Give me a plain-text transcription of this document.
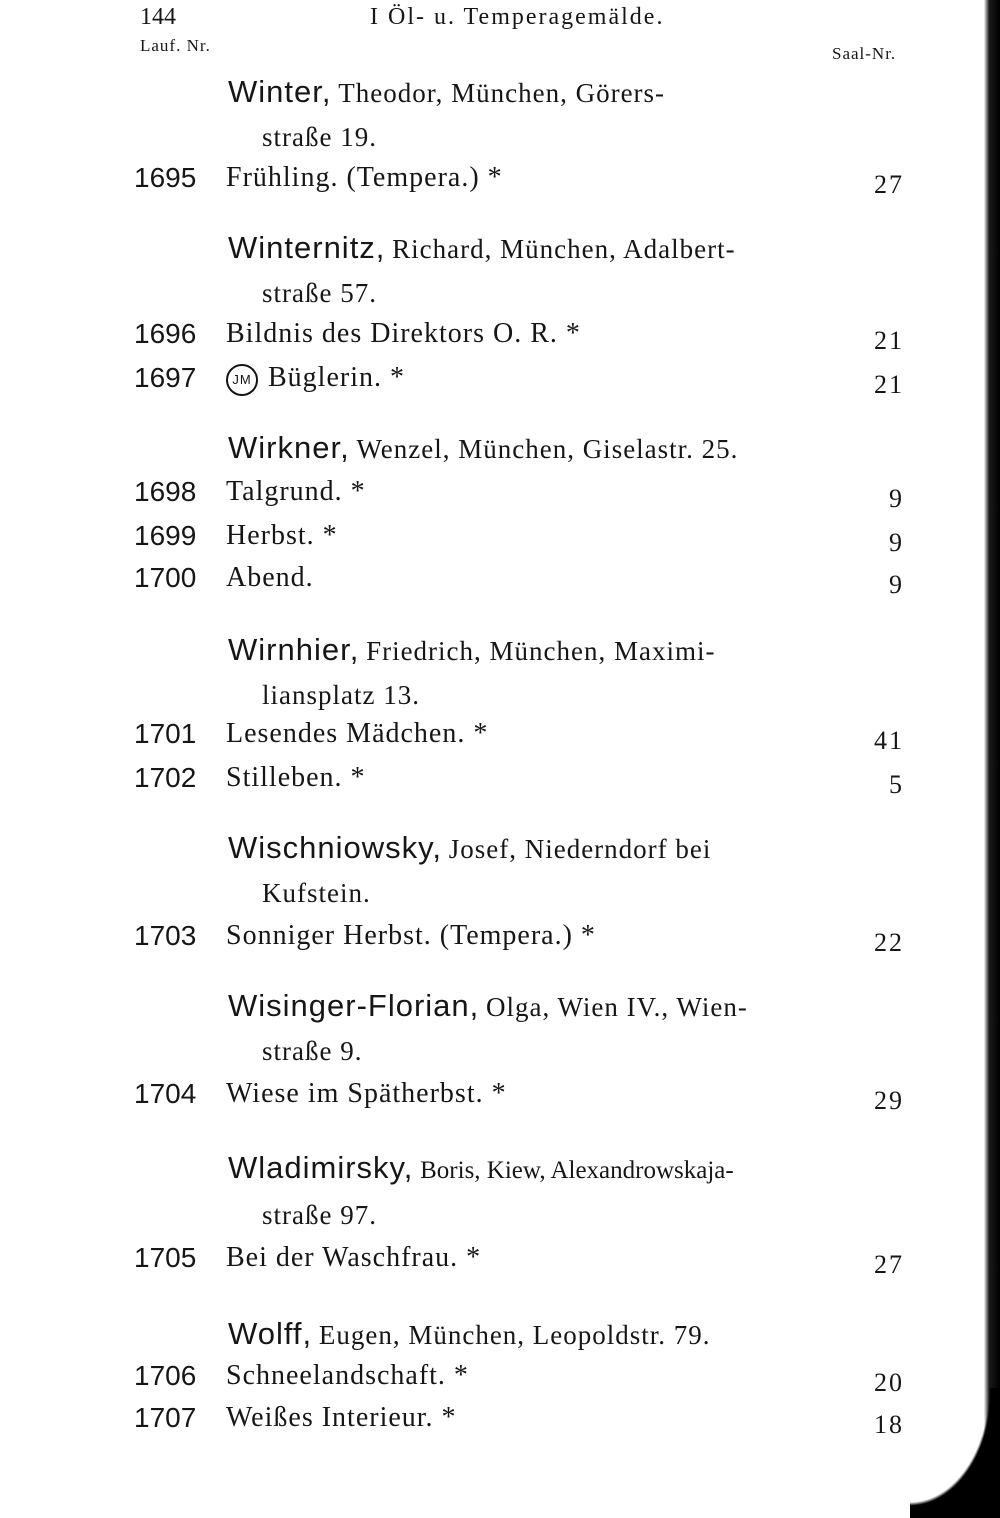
144	I Öl- u. Temperagemälde.
Lauf. Nr.	Saal-Nr.
Winter, Theodor, München, Görers-
straße 19.
1695 Frühling. (Tempera.) *	27
Winternitz, Richard, München, Adalbert-
straße 57.
1696 Bildnis des Direktors O. R. *	21
1697	JM Büglerin. *	21
Wirkner, Wenzel, München, Giselastr. 25.
1698 Talgrund. *	9
1699 Herbst. *	9
1700 Abend.	9
Wirnhier, Friedrich, München, Maximi-
liansplatz 13.
1701 Lesendes Mädchen. *	41
1702 Stilleben. *	5
Wischniowsky, Josef, Niederndorf bei
Kufstein.
1703 Sonniger Herbst. (Tempera.) *	22
Wisinger-Florian, Olga, Wien IV., Wien-
straße 9.
1704 Wiese im Spätherbst. *	29
Wladimirsky, Boris, Kiew, Alexandrowskaja-
straße 97.
1705 Bei der Waschfrau. *	27
Wolff, Eugen, München, Leopoldstr. 79.
1706 Schneelandschaft. *	20
1707 Weißes Interieur. *	18
